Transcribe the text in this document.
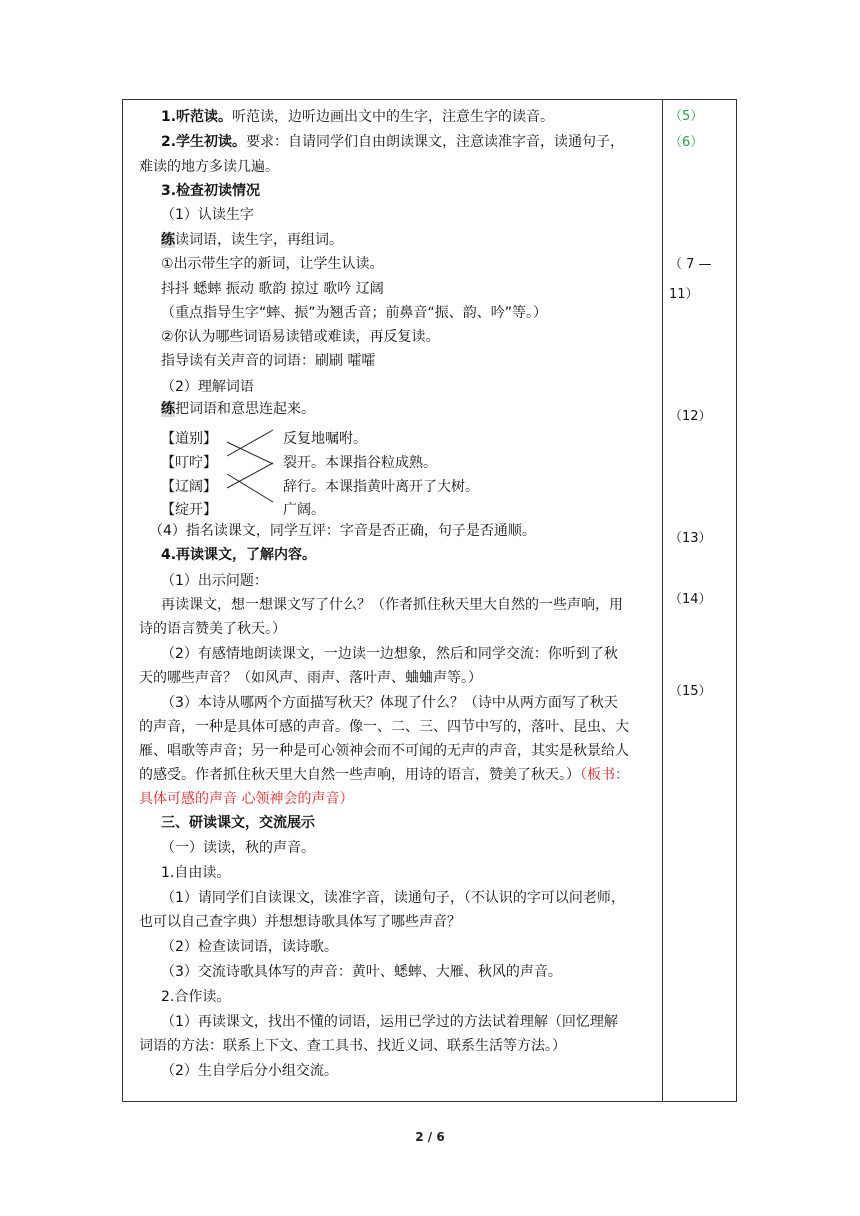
1.听范读。听范读，边听边画出文中的生字，注意生字的读音。
2.学生初读。要求：自请同学们自由朗读课文，注意读准字音，读通句子，
难读的地方多读几遍。
3.检查初读情况
（1）认读生字
练读词语，读生字，再组词。
①出示带生字的新词，让学生认读。
抖抖 蟋蟀 振动 歌韵 掠过 歌吟 辽阔
（重点指导生字“蟀、振”为翘舌音；前鼻音“振、韵、吟”等。）
②你认为哪些词语易读错或难读，再反复读。
指导读有关声音的词语：刷刷 嚯嚯
（2）理解词语
练把词语和意思连起来。
【道别】
【叮咛】
【辽阔】
【绽开】
反复地嘱咐。
裂开。本课指谷粒成熟。
辞行。本课指黄叶离开了大树。
广阔。
（4）指名读课文，同学互评：字音是否正确，句子是否通顺。
4.再读课文，了解内容。
（1）出示问题：
再读课文，想一想课文写了什么？（作者抓住秋天里大自然的一些声响，用
诗的语言赞美了秋天。）
（2）有感情地朗读课文，一边读一边想象，然后和同学交流：你听到了秋
天的哪些声音？（如风声、雨声、落叶声、蛐蛐声等。）
（3）本诗从哪两个方面描写秋天？体现了什么？（诗中从两方面写了秋天
的声音，一种是具体可感的声音。像一、二、三、四节中写的，落叶、昆虫、大
雁、唱歌等声音；另一种是可心领神会而不可闻的无声的声音，其实是秋景给人
的感受。作者抓住秋天里大自然一些声响，用诗的语言，赞美了秋天。）（板书：
具体可感的声音 心领神会的声音）
三、研读课文，交流展示
（一）读读，秋的声音。
1.自由读。
（1）请同学们自读课文，读准字音，读通句子，（不认识的字可以问老师，
也可以自己查字典）并想想诗歌具体写了哪些声音？
（2）检查读词语，读诗歌。
（3）交流诗歌具体写的声音：黄叶、蟋蟀、大雁、秋风的声音。
2.合作读。
（1）再读课文，找出不懂的词语，运用已学过的方法试着理解（回忆理解
词语的方法：联系上下文、查工具书、找近义词、联系生活等方法。）
（2）生自学后分小组交流。
（5）
（6）
（ 7 —
11）
（12）
（13）
（14）
（15）
2 / 6
